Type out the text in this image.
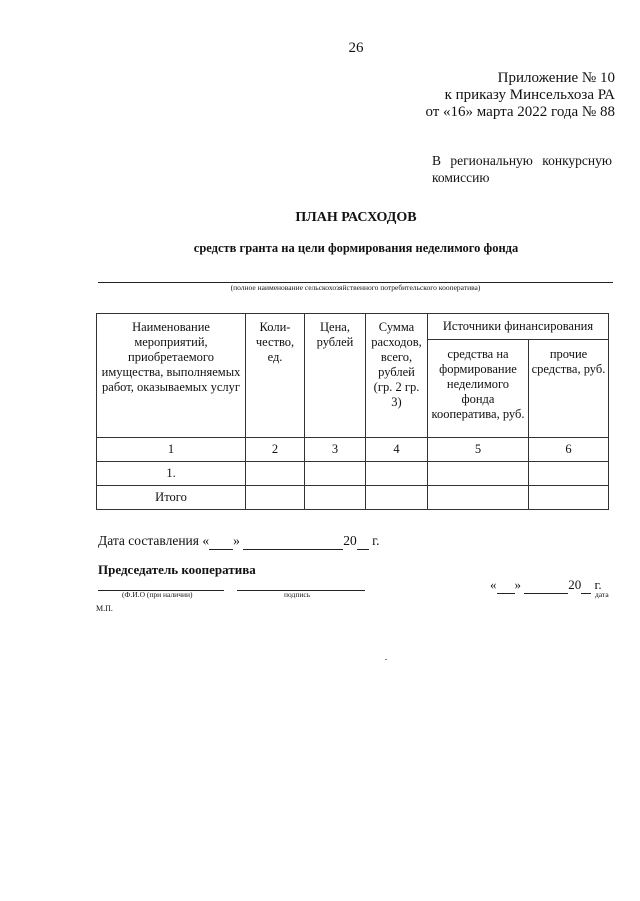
26
Приложение № 10
к приказу Минсельхоза РА
от «16» марта 2022 года № 88
В региональную конкурсную
комиссию
ПЛАН РАСХОДОВ
средств гранта на цели формирования неделимого фонда
(полное наименование сельскохозяйственного потребительского кооператива)
Наименование мероприятий, приобретаемого имущества, выполняемых работ, оказываемых услуг	Коли-чество, ед.	Цена, рублей	Сумма расходов, всего, рублей (гр. 2 гр. 3)	Источники финансирования	
				средства на формирование неделимого фонда кооператива, руб.	прочие средства, руб.
1	2	3	4	5	6
1.					
Итого					
Дата составления « »	20  г.
Председатель кооператива
(Ф.И.О (при наличии)	подпись
« »	20  г.
дата
М.П.
